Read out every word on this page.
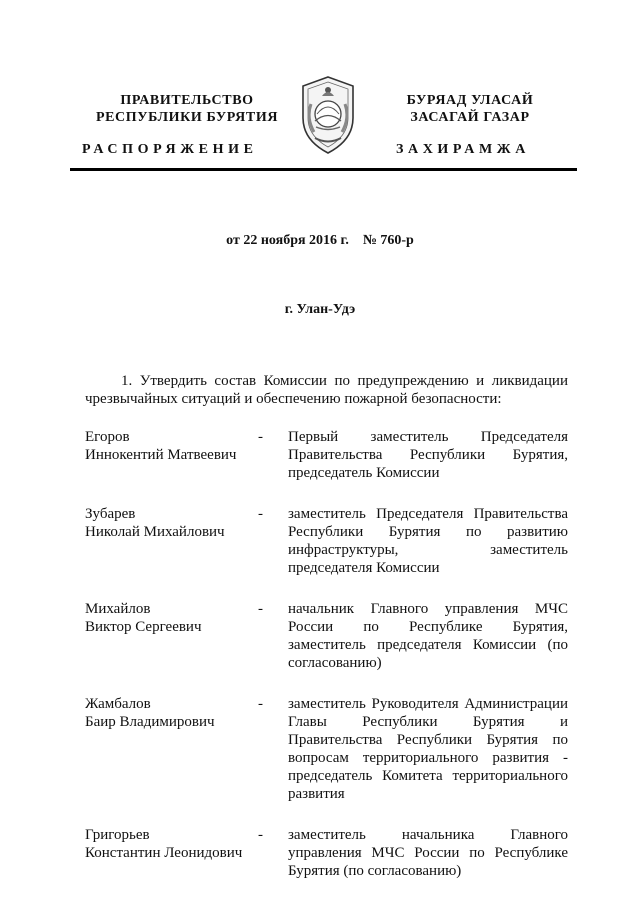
ПРАВИТЕЛЬСТВО
РЕСПУБЛИКИ БУРЯТИЯ
БУРЯАД УЛАСАЙ
ЗАСАГАЙ ГАЗАР
РАСПОРЯЖЕНИЕ	ЗАХИРАМЖА
от 22 ноября 2016 г.    № 760-р
г. Улан-Удэ

1. Утвердить состав Комиссии по предупреждению и ликвидации чрезвычайных ситуаций и обеспечению пожарной безопасности:

Егоров
Иннокентий Матвеевич
- Первый заместитель Председателя Правительства Республики Бурятия, председатель Комиссии
Зубарев
Николай Михайлович
- заместитель Председателя Правительства Республики Бурятия по развитию инфраструктуры, заместитель председателя Комиссии
Михайлов
Виктор Сергеевич
- начальник Главного управления МЧС России по Республике Бурятия, заместитель председателя Комиссии (по согласованию)
Жамбалов
Баир Владимирович
- заместитель Руководителя Администрации Главы Республики Бурятия и Правительства Республики Бурятия по вопросам территориального развития - председатель Комитета территориального развития
Григорьев
Константин Леонидович
- заместитель начальника Главного управления МЧС России по Республике Бурятия (по согласованию)
